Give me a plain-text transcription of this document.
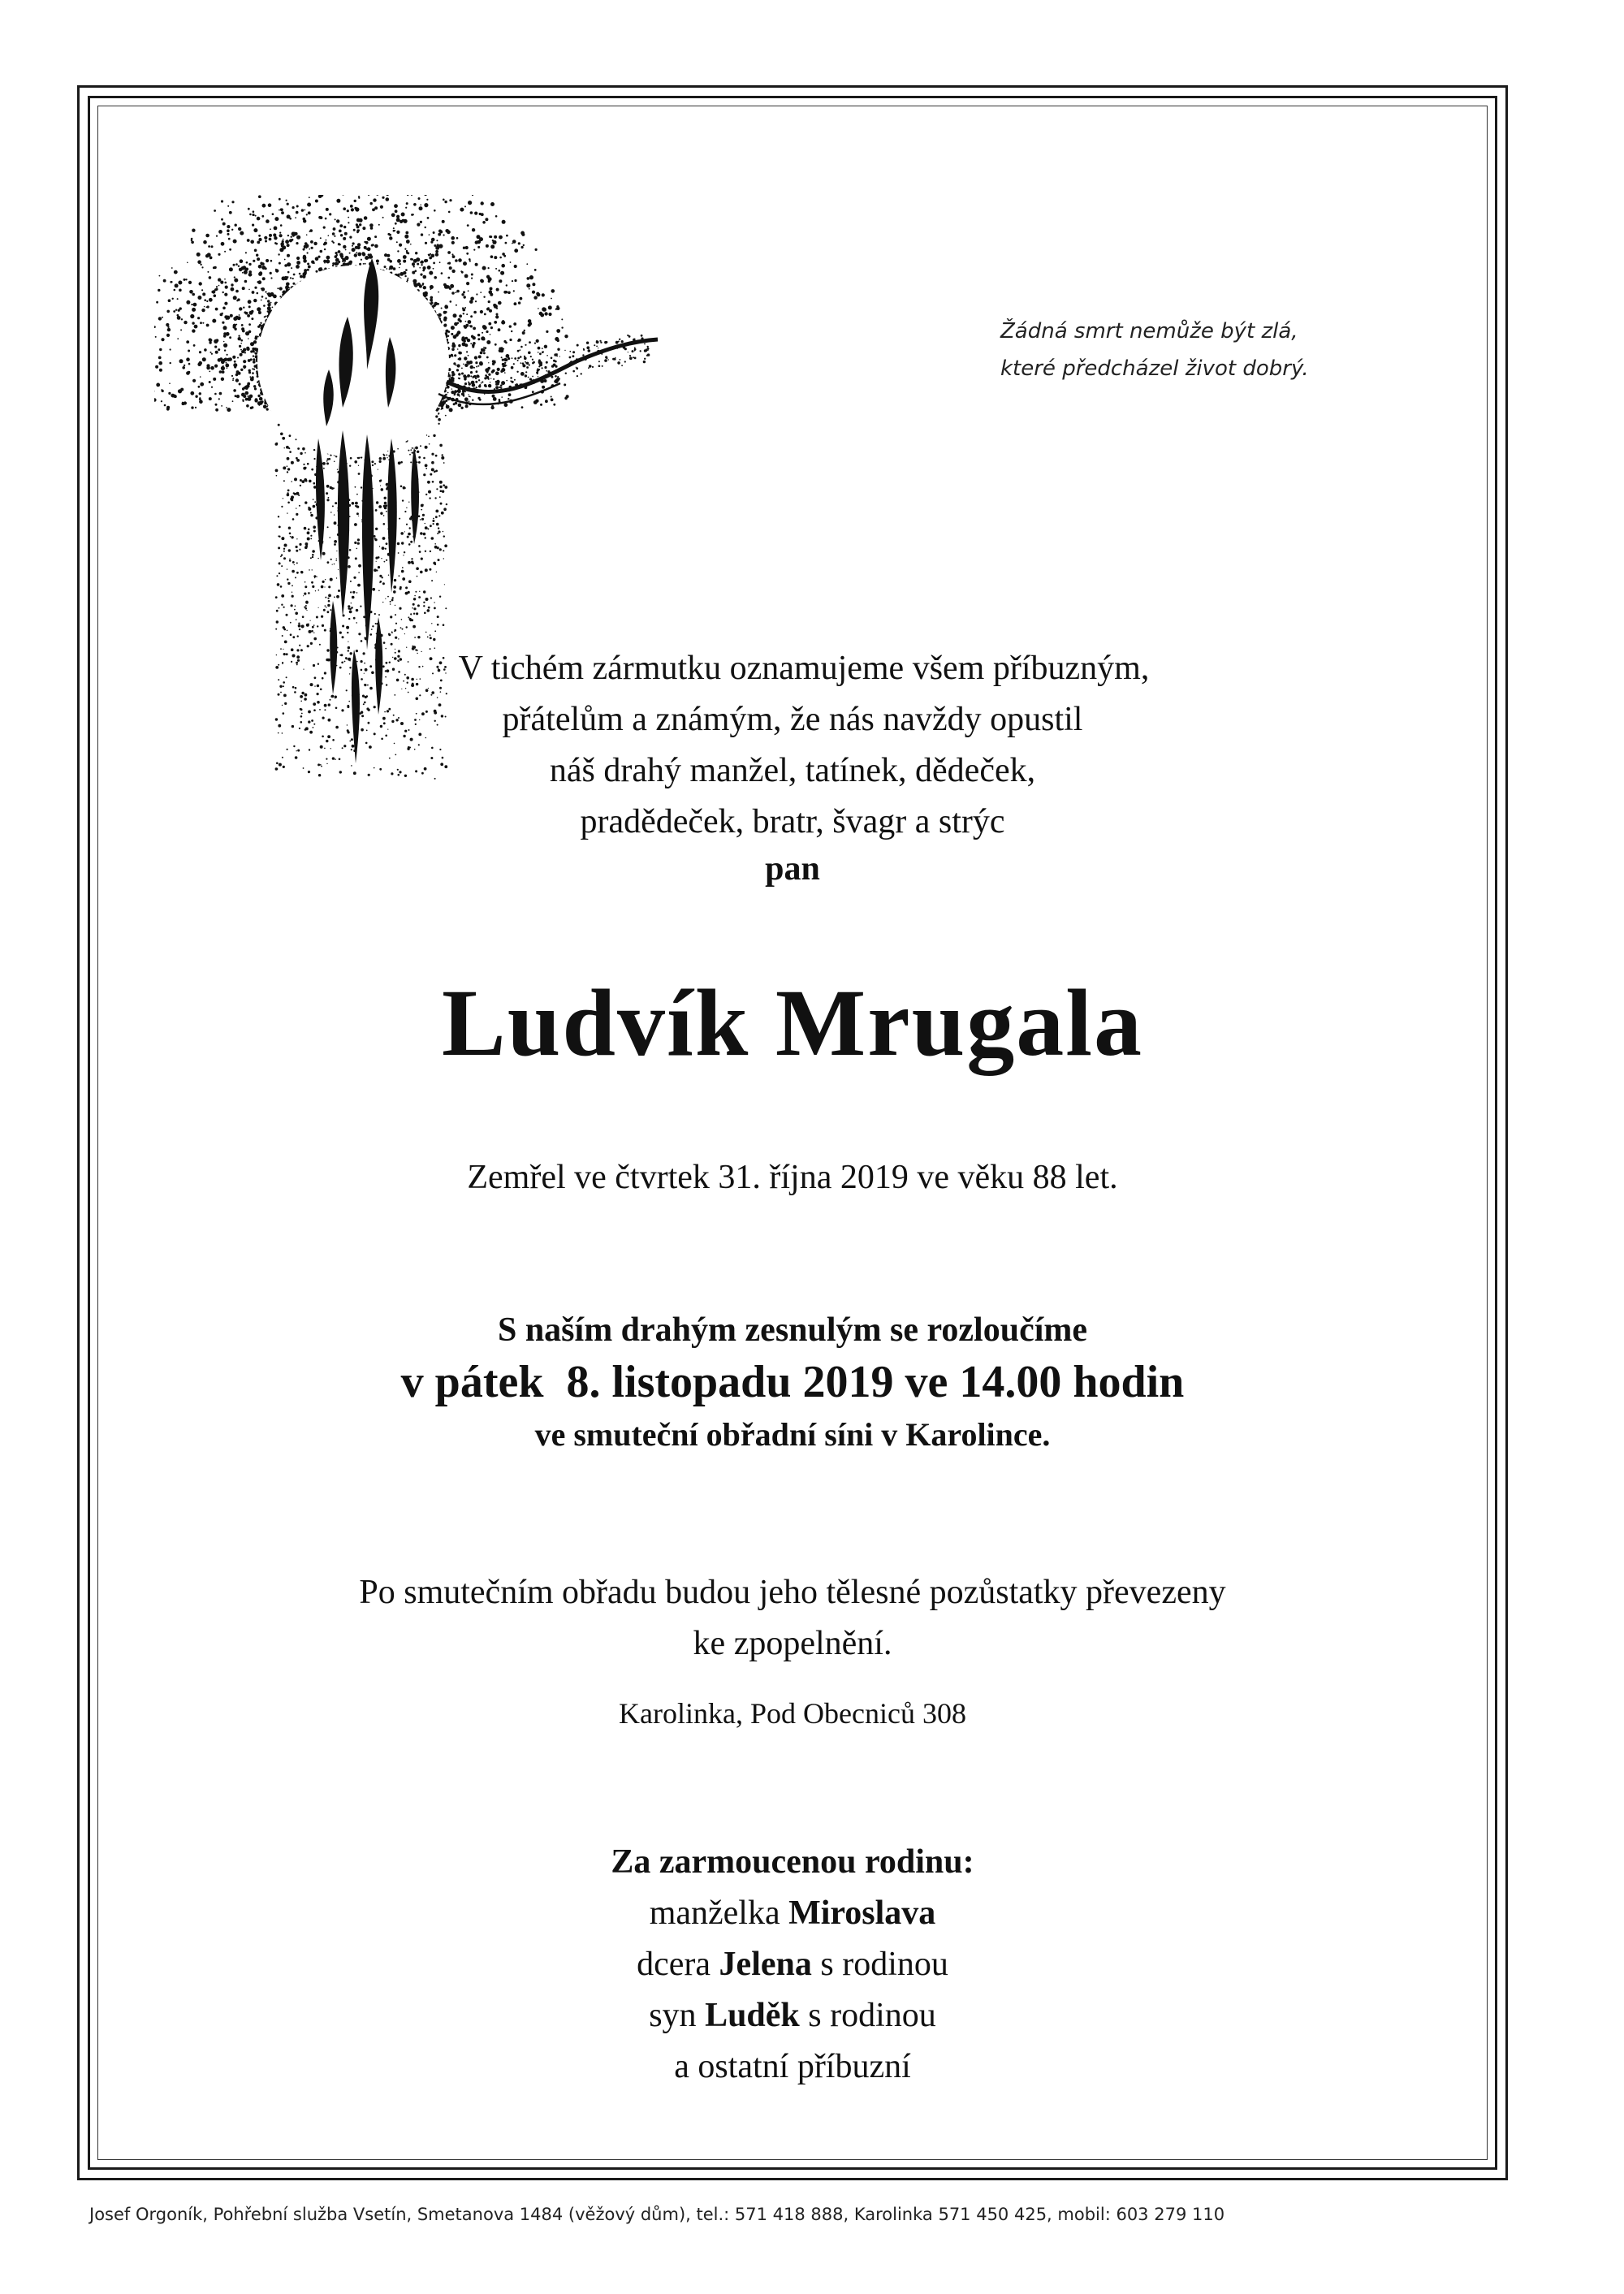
Žádná smrt nemůže být zlá,
které předcházel život dobrý.
V tichém zármutku oznamujeme všem příbuzným,
přátelům a známým, že nás navždy opustil
náš drahý manžel, tatínek, dědeček,
pradědeček, bratr, švagr a strýc
pan
Ludvík Mrugala
Zemřel ve čtvrtek 31. října 2019 ve věku 88 let.
S naším drahým zesnulým se rozloučíme
v pátek  8. listopadu 2019 ve 14.00 hodin
ve smuteční obřadní síni v Karolince.
Po smutečním obřadu budou jeho tělesné pozůstatky převezeny
ke zpopelnění.
Karolinka, Pod Obecniců 308
Za zarmoucenou rodinu:
manželka Miroslava
dcera Jelena s rodinou
syn Luděk s rodinou
a ostatní příbuzní
Josef Orgoník, Pohřební služba Vsetín, Smetanova 1484 (věžový dům), tel.: 571 418 888, Karolinka 571 450 425, mobil: 603 279 110
